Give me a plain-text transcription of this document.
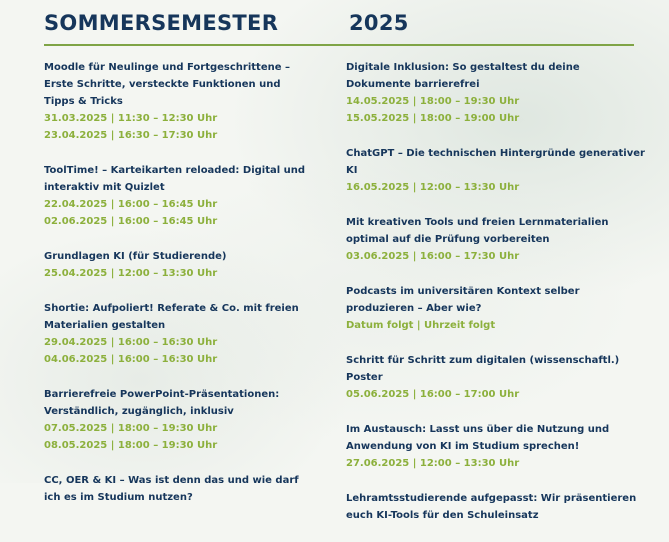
SOMMERSEMESTER	2025
Moodle für Neulinge und Fortgeschrittene – Erste Schritte, versteckte Funktionen und Tipps & Tricks
31.03.2025 | 11:30 – 12:30 Uhr
23.04.2025 | 16:30 – 17:30 Uhr
ToolTime! – Karteikarten reloaded: Digital und interaktiv mit Quizlet
22.04.2025 | 16:00 – 16:45 Uhr
02.06.2025 | 16:00 – 16:45 Uhr
Grundlagen KI (für Studierende)
25.04.2025 | 12:00 – 13:30 Uhr
Shortie: Aufpoliert! Referate & Co. mit freien Materialien gestalten
29.04.2025 | 16:00 – 16:30 Uhr
04.06.2025 | 16:00 – 16:30 Uhr
Barrierefreie PowerPoint-Präsentationen: Verständlich, zugänglich, inklusiv
07.05.2025 | 18:00 – 19:30 Uhr
08.05.2025 | 18:00 – 19:30 Uhr
CC, OER & KI – Was ist denn das und wie darf ich es im Studium nutzen?
Digitale Inklusion: So gestaltest du deine Dokumente barrierefrei
14.05.2025 | 18:00 – 19:30 Uhr
15.05.2025 | 18:00 – 19:00 Uhr
ChatGPT – Die technischen Hintergründe generativer KI
16.05.2025 | 12:00 – 13:30 Uhr
Mit kreativen Tools und freien Lernmaterialien optimal auf die Prüfung vorbereiten
03.06.2025 | 16:00 – 17:30 Uhr
Podcasts im universitären Kontext selber produzieren – Aber wie?
Datum folgt | Uhrzeit folgt
Schritt für Schritt zum digitalen (wissenschaftl.) Poster
05.06.2025 | 16:00 – 17:00 Uhr
Im Austausch: Lasst uns über die Nutzung und Anwendung von KI im Studium sprechen!
27.06.2025 | 12:00 – 13:30 Uhr
Lehramtsstudierende aufgepasst: Wir präsentieren euch KI-Tools für den Schuleinsatz
